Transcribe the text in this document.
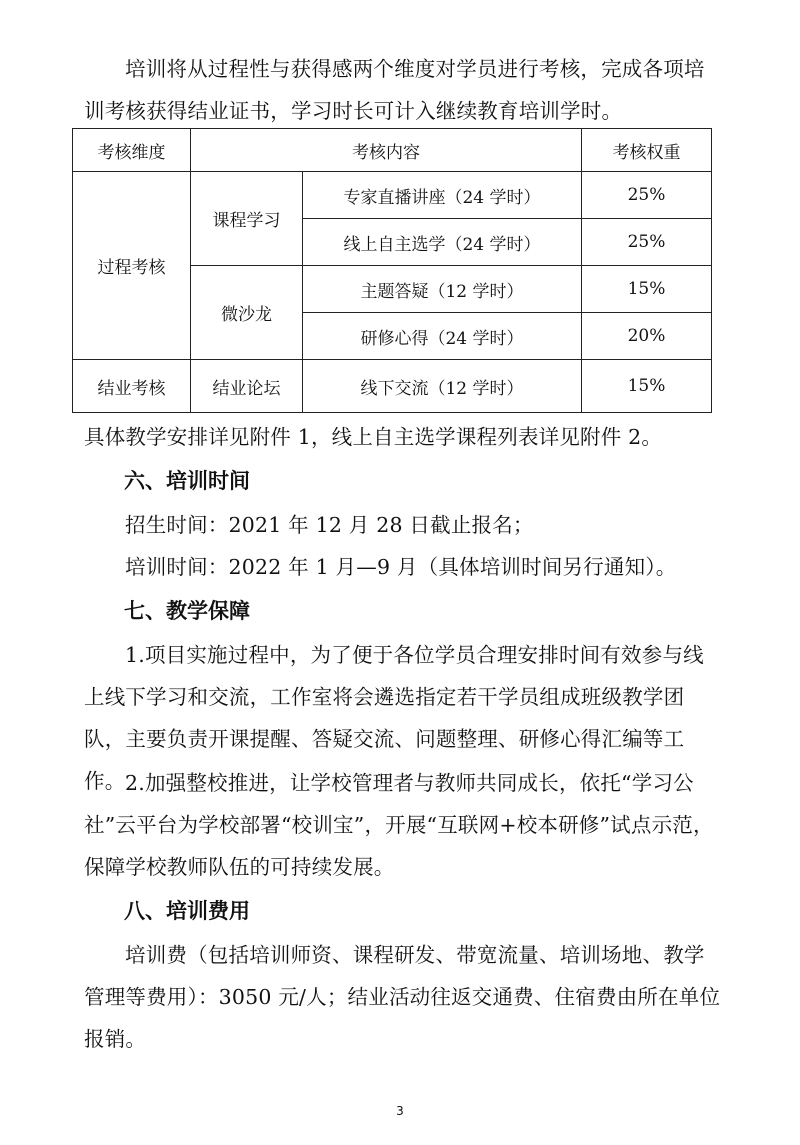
培训将从过程性与获得感两个维度对学员进行考核，完成各项培训考核获得结业证书，学习时长可计入继续教育培训学时。

考核维度	考核内容		考核权重
过程考核	课程学习	专家直播讲座（24 学时）	25%
		线上自主选学（24 学时）	25%
	微沙龙	主题答疑（12 学时）	15%
		研修心得（24 学时）	20%
结业考核	结业论坛	线下交流（12 学时）	15%

具体教学安排详见附件 1，线上自主选学课程列表详见附件 2。

六、培训时间

招生时间：2021 年 12 月 28 日截止报名；

培训时间：2022 年 1 月—9 月（具体培训时间另行通知）。

七、教学保障

1.项目实施过程中，为了便于各位学员合理安排时间有效参与线上线下学习和交流，工作室将会遴选指定若干学员组成班级教学团队，主要负责开课提醒、答疑交流、问题整理、研修心得汇编等工作。 2.加强整校推进，让学校管理者与教师共同成长，依托“学习公社”云平台为学校部署“校训宝”，开展“互联网+校本研修”试点示范，保障学校教师队伍的可持续发展。

八、培训费用

培训费（包括培训师资、课程研发、带宽流量、培训场地、教学管理等费用）：3050 元/人；结业活动往返交通费、住宿费由所在单位报销。

3
